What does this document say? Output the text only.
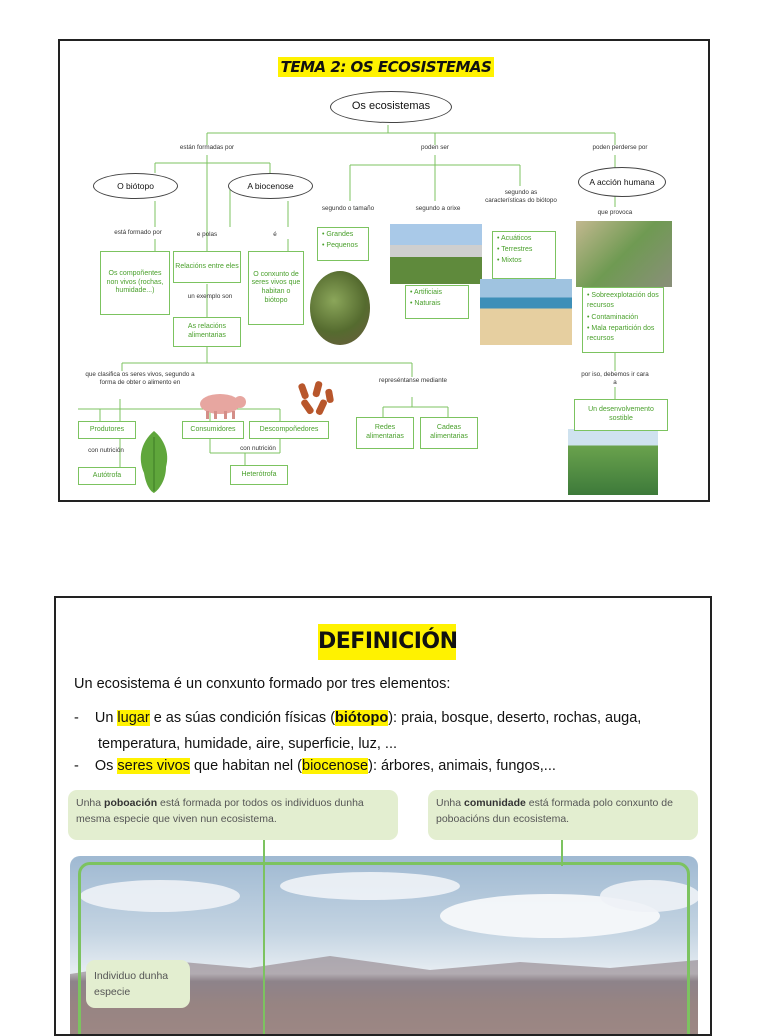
TEMA 2: OS ECOSISTEMAS
Os ecosistemas
están formadas por	poden ser	poden perderse por
O biótopo	A biocenose	A acción humana
segundo o tamaño	segundo a orixe
segundo as características do biótopo
que provoca
está formado por	e polas	é
Os compoñentes non vivos (rochas, humidade...)
Relacións entre eles
O conxunto de seres vivos que habitan o biótopo
un exemplo son
As relacións alimentarias
• Grandes
• Pequenos
• Artificiais
• Naturais
• Acuáticos
• Terrestres
• Mixtos
• Sobreexplotación dos recursos
• Contaminación
• Mala repartición dos recursos
que clasifica os seres vivos, segundo a forma de obter o alimento en	represéntanse mediante
por iso, debemos ir cara a
Produtores	Consumidores	Descompoñedores
con nutrición	con nutrición
Autótrofa	Heterótrofa
Redes alimentarias
Cadeas alimentarias
Un desenvolvemento sostible
DEFINICIÓN
Un ecosistema é un conxunto formado por tres elementos:
- Un lugar e as súas condición físicas (biótopo): praia, bosque, deserto, rochas, auga,
temperatura, humidade, aire, superficie, luz, ...
- Os seres vivos que habitan nel (biocenose): árbores, animais, fungos,...
Unha poboación está formada por todos os individuos dunha mesma especie que viven nun ecosistema.
Unha comunidade está formada polo conxunto de poboacións dun ecosistema.
Individuo dunha especie
